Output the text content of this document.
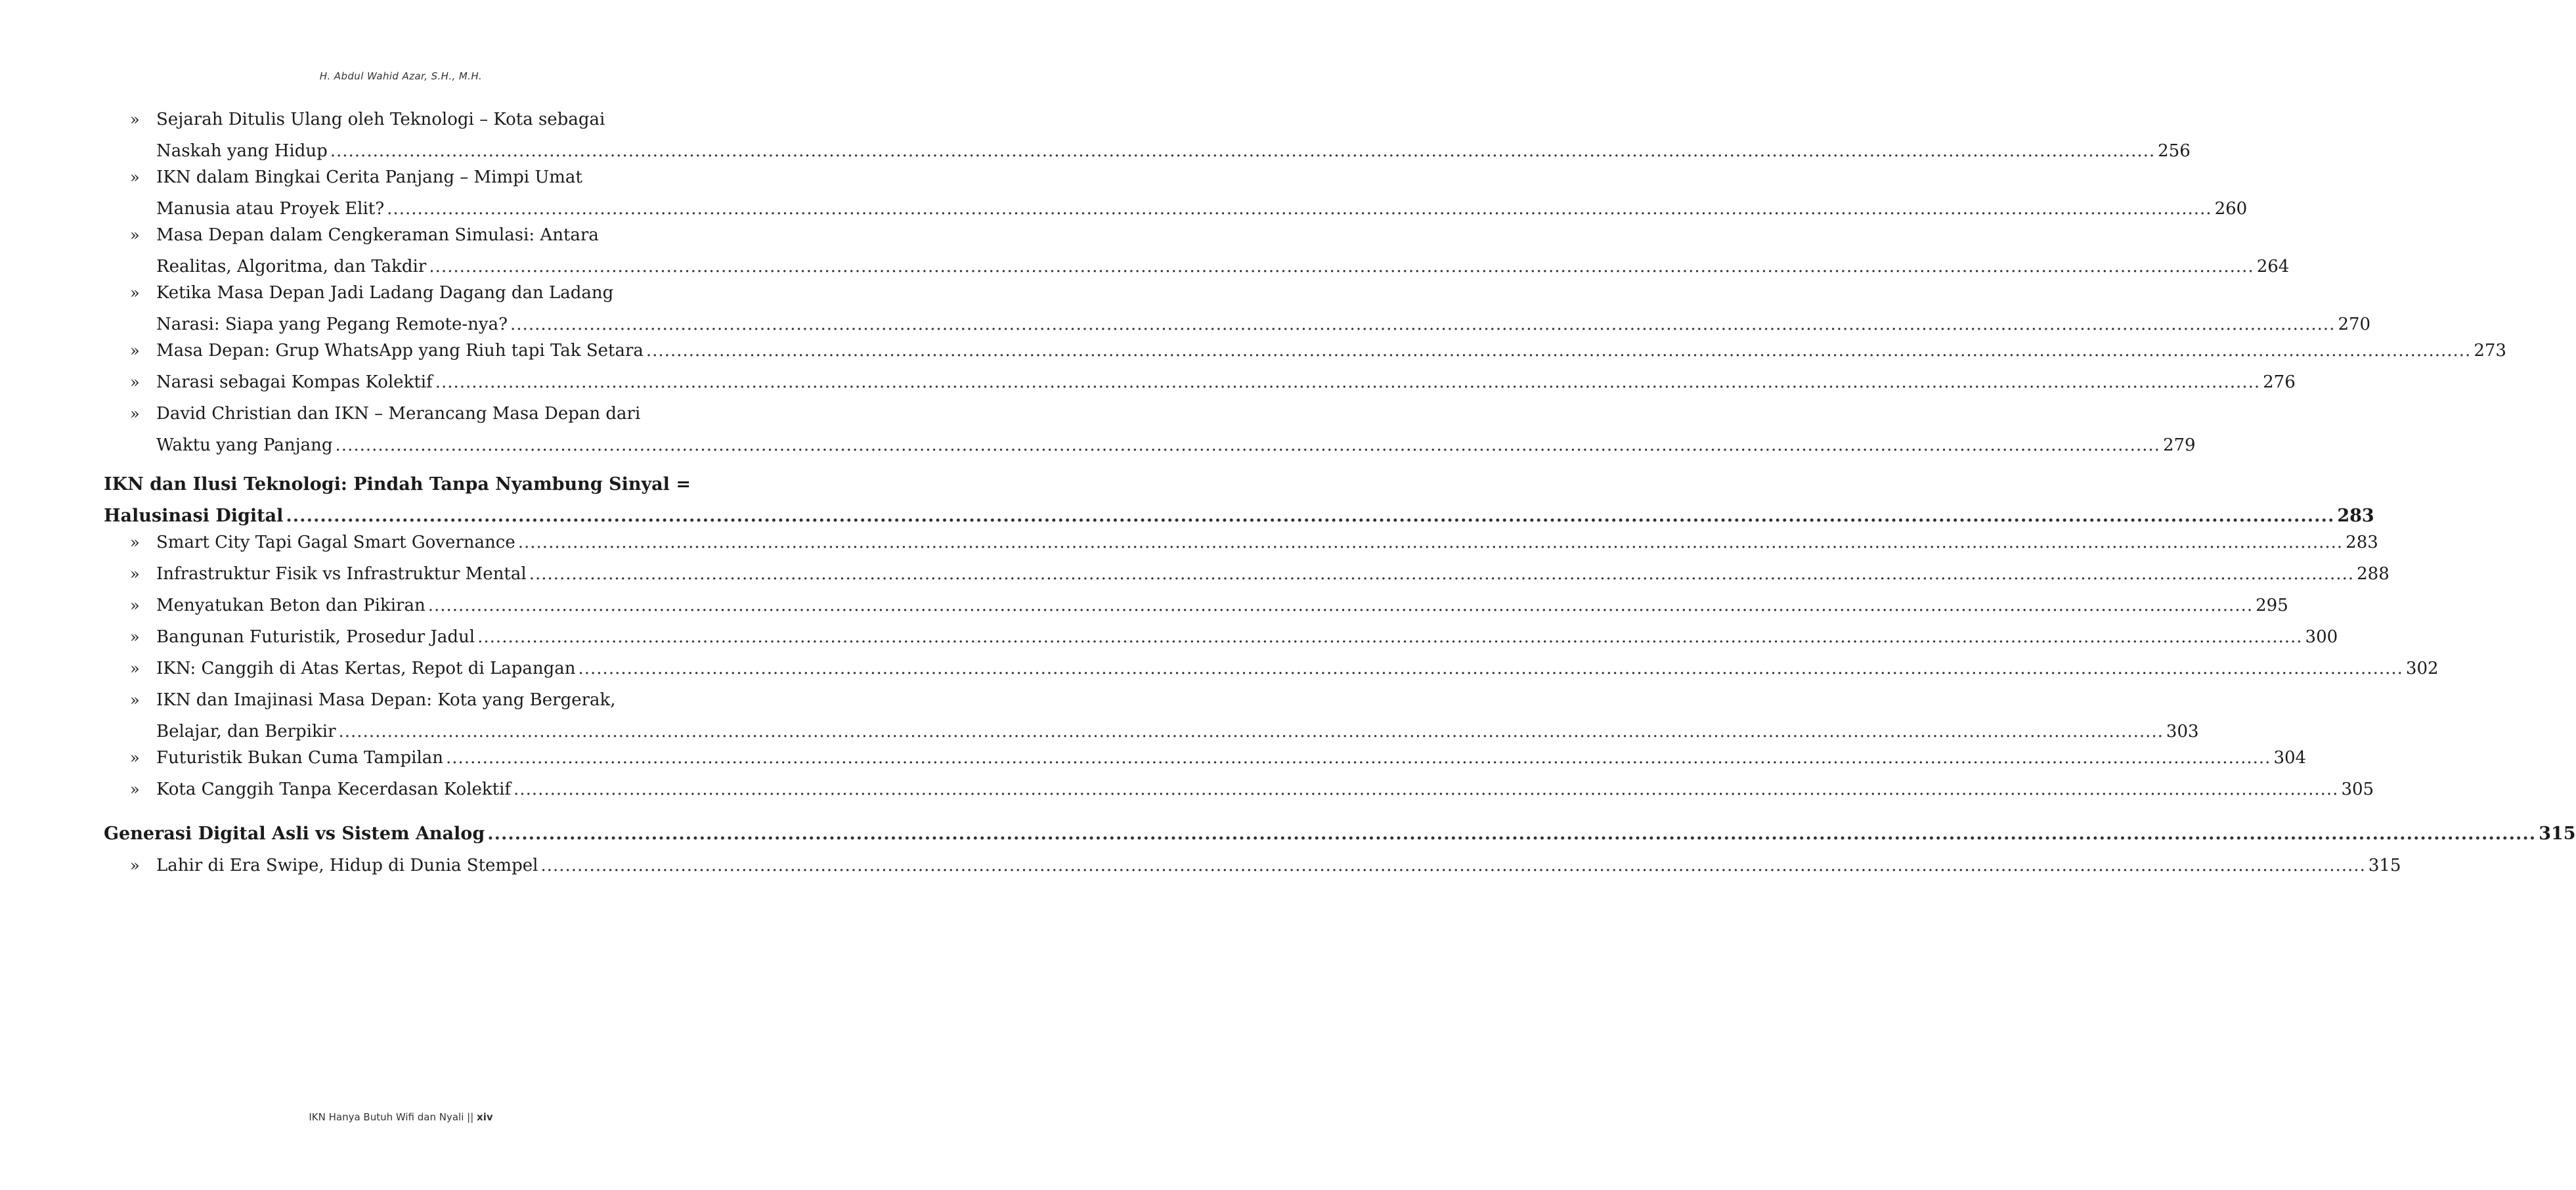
H. Abdul Wahid Azar, S.H., M.H.
» Sejarah Ditulis Ulang oleh Teknologi – Kota sebagai
Naskah yang Hidup ............................................................................................................................................................................................................................................................................................................ 256
» IKN dalam Bingkai Cerita Panjang – Mimpi Umat
Manusia atau Proyek Elit? ............................................................................................................................................................................................................................................................................................................ 260
» Masa Depan dalam Cengkeraman Simulasi: Antara
Realitas, Algoritma, dan Takdir ............................................................................................................................................................................................................................................................................................................ 264
» Ketika Masa Depan Jadi Ladang Dagang dan Ladang
Narasi: Siapa yang Pegang Remote-nya? ............................................................................................................................................................................................................................................................................................................ 270
» Masa Depan: Grup WhatsApp yang Riuh tapi Tak Setara ............................................................................................................................................................................................................................................................................................................ 273
» Narasi sebagai Kompas Kolektif ............................................................................................................................................................................................................................................................................................................ 276
» David Christian dan IKN – Merancang Masa Depan dari
Waktu yang Panjang ............................................................................................................................................................................................................................................................................................................ 279
IKN dan Ilusi Teknologi: Pindah Tanpa Nyambung Sinyal =
Halusinasi Digital ............................................................................................................................................................................................................................................................................................................ 283
» Smart City Tapi Gagal Smart Governance ............................................................................................................................................................................................................................................................................................................ 283
» Infrastruktur Fisik vs Infrastruktur Mental ............................................................................................................................................................................................................................................................................................................ 288
» Menyatukan Beton dan Pikiran ............................................................................................................................................................................................................................................................................................................ 295
» Bangunan Futuristik, Prosedur Jadul ............................................................................................................................................................................................................................................................................................................ 300
» IKN: Canggih di Atas Kertas, Repot di Lapangan ............................................................................................................................................................................................................................................................................................................ 302
» IKN dan Imajinasi Masa Depan: Kota yang Bergerak,
Belajar, dan Berpikir ............................................................................................................................................................................................................................................................................................................ 303
» Futuristik Bukan Cuma Tampilan ............................................................................................................................................................................................................................................................................................................ 304
» Kota Canggih Tanpa Kecerdasan Kolektif ............................................................................................................................................................................................................................................................................................................ 305
Generasi Digital Asli vs Sistem Analog ............................................................................................................................................................................................................................................................................................................ 315
» Lahir di Era Swipe, Hidup di Dunia Stempel ............................................................................................................................................................................................................................................................................................................ 315
IKN Hanya Butuh Wifi dan Nyali || xiv
